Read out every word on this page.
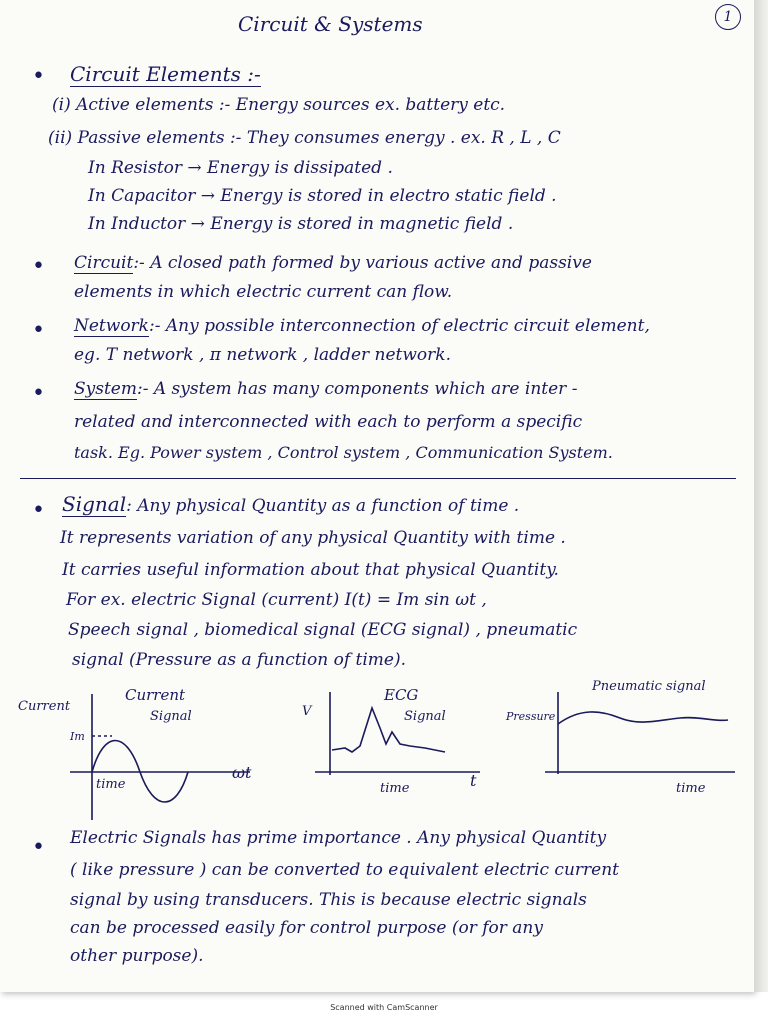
Circuit & Systems	1
• Circuit Elements :-
(i) Active elements :- Energy sources ex. battery etc.
(ii) Passive elements :- They consumes energy . ex. R , L , C
In Resistor → Energy is dissipated .
In Capacitor → Energy is stored in electro static field .
In Inductor → Energy is stored in magnetic field .
• Circuit:- A closed path formed by various active and passive
elements in which electric current can flow.
• Network:- Any possible interconnection of electric circuit element,
eg. T network , π network , ladder network.
• System:- A system has many components which are inter -
related and interconnected with each to perform a specific
task. Eg. Power system , Control system , Communication System.
• Signal: Any physical Quantity as a function of time .
It represents variation of any physical Quantity with time .
It carries useful information about that physical Quantity.
For ex. electric Signal (current) I(t) = Im sin ωt ,
Speech signal , biomedical signal (ECG signal) , pneumatic
signal (Pressure as a function of time).
Current
Current
Signal
Im
time
ωt
V
ECG
Signal
time	t
Pneumatic signal
Pressure
time
• Electric Signals has prime importance . Any physical Quantity
( like pressure ) can be converted to equivalent electric current
signal by using transducers. This is because electric signals
can be processed easily for control purpose (or for any
other purpose).
Scanned with CamScanner
